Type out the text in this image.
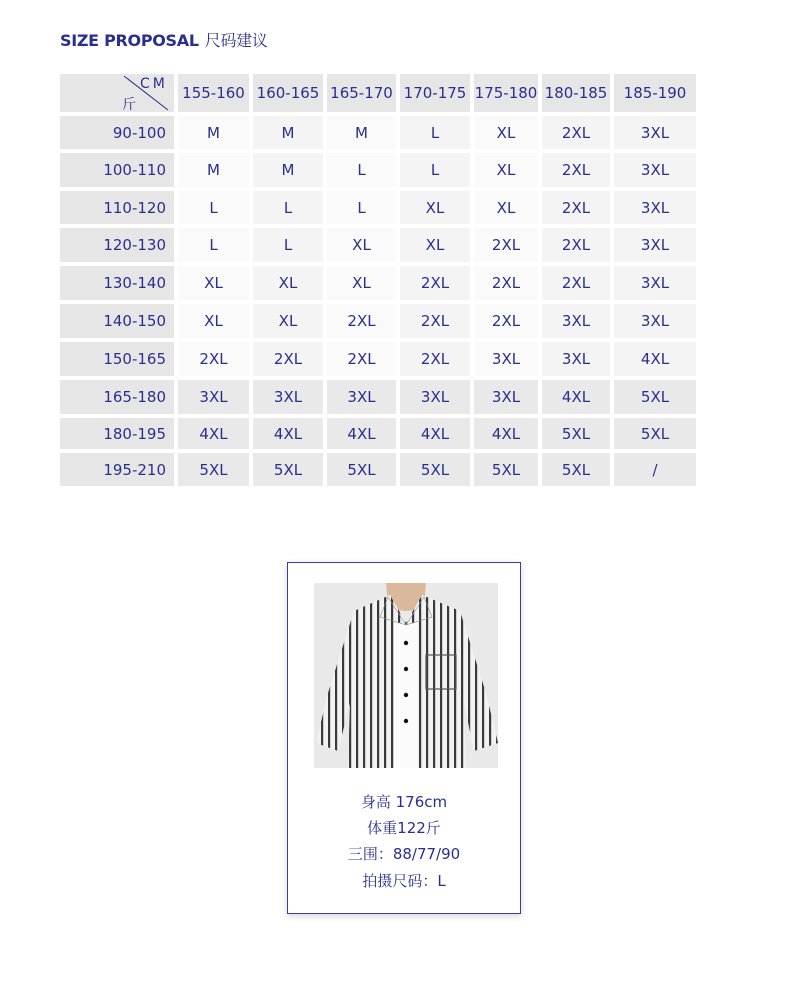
SIZE PROPOSAL 尺码建议
CM
斤
155-160 160-165 165-170 170-175 175-180 180-185	185-190
90-100	M	M	M	L	XL	2XL	3XL
100-110	M	M	L	L	XL	2XL	3XL
110-120	L	L	L	XL	XL	2XL	3XL
120-130	L	L	XL	XL	2XL	2XL	3XL
130-140	XL	XL	XL	2XL	2XL	2XL	3XL
140-150	XL	XL	2XL	2XL	2XL	3XL	3XL
150-165	2XL	2XL	2XL	2XL	3XL	3XL	4XL
165-180	3XL	3XL	3XL	3XL	3XL	4XL	5XL
180-195	4XL	4XL	4XL	4XL	4XL	5XL	5XL
195-210	5XL	5XL	5XL	5XL	5XL	5XL	/
身高 176cm
体重122斤
三围：88/77/90
拍摄尺码：L
